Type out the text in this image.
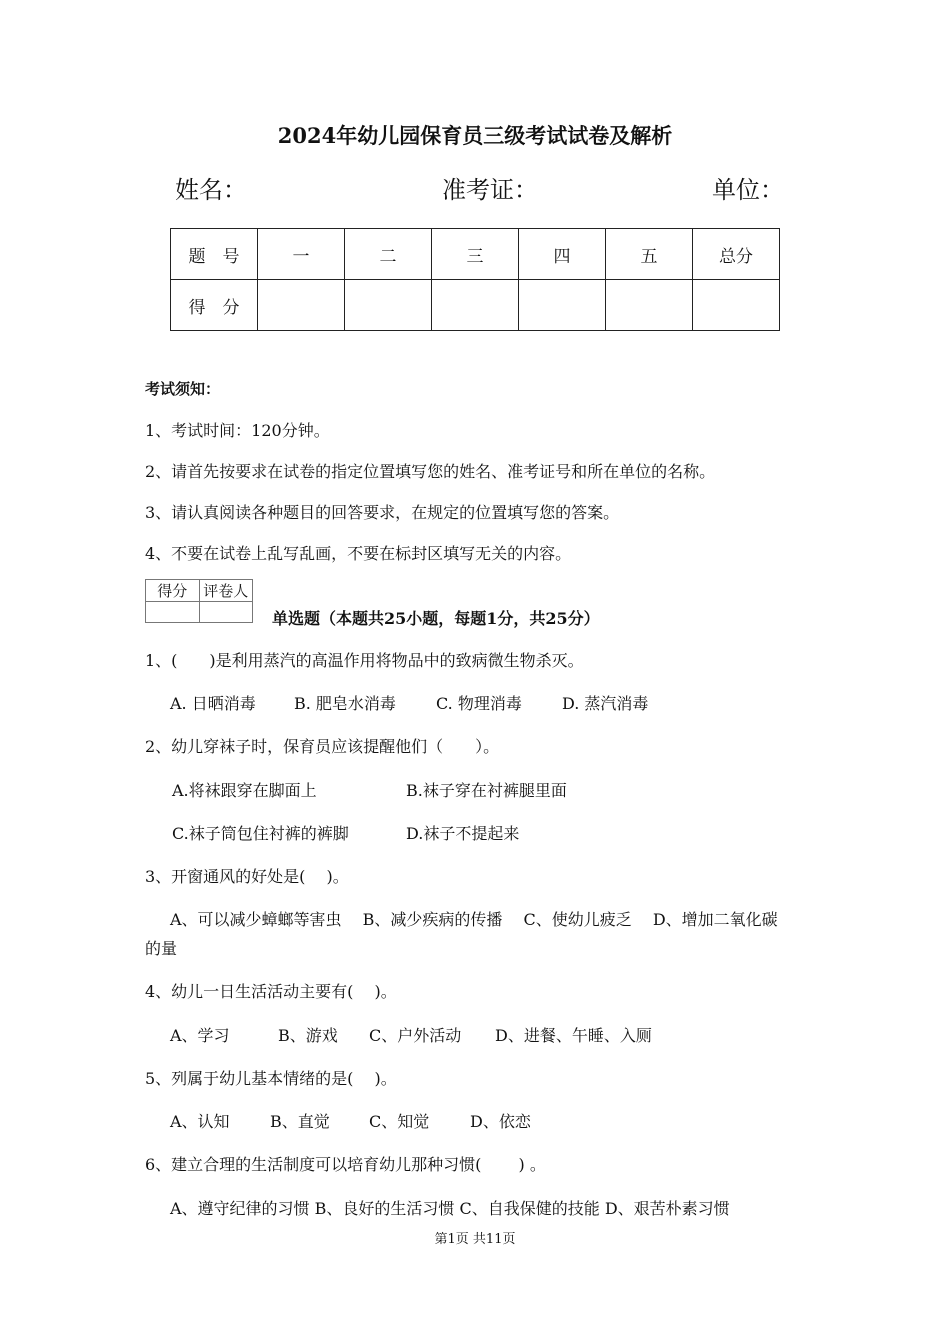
2024年幼儿园保育员三级考试试卷及解析
姓名：	准考证：	单位：
题　号	一	二	三	四	五	总分
得　分						
考试须知：
1、考试时间：120分钟。
2、请首先按要求在试卷的指定位置填写您的姓名、准考证号和所在单位的名称。
3、请认真阅读各种题目的回答要求，在规定的位置填写您的答案。
4、不要在试卷上乱写乱画，不要在标封区填写无关的内容。
得分	评卷人

单选题（本题共25小题，每题1分，共25分）
1、(　　)是利用蒸汽的高温作用将物品中的致病微生物杀灭。
A. 日晒消毒 B. 肥皂水消毒	C. 物理消毒	D. 蒸汽消毒
2、幼儿穿袜子时，保育员应该提醒他们（　　）。
A.将袜跟穿在脚面上	B.袜子穿在衬裤腿里面
C.袜子筒包住衬裤的裤脚	D.袜子不提起来
3、开窗通风的好处是(　 )。
A、可以减少蟑螂等害虫　 B、减少疾病的传播　 C、使幼儿疲乏　 D、增加二氧化碳
的量
4、幼儿一日生活活动主要有(　 )。
A、学习	B、游戏 C、户外活动 D、进餐、午睡、入厕
5、列属于幼儿基本情绪的是(　 )。
A、认知	B、直觉 C、知觉	D、依恋
6、建立合理的生活制度可以培育幼儿那种习惯(　　 ) 。
A、遵守纪律的习惯 B、良好的生活习惯 C、自我保健的技能 D、艰苦朴素习惯
第1页 共11页
